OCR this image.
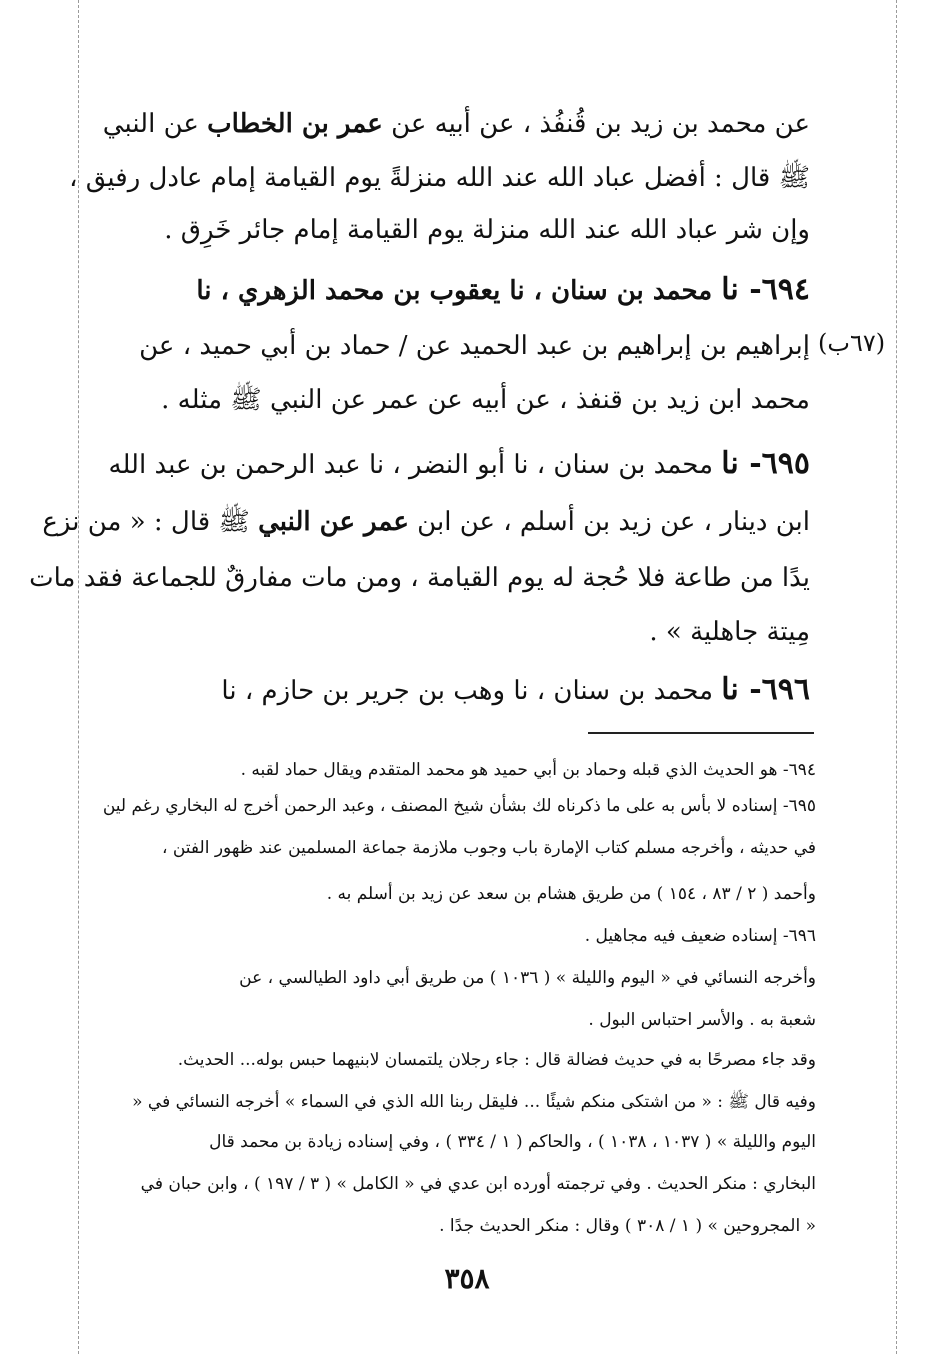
عن محمد بن زيد بن قُنفُذ ، عن أبيه عن عمر بن الخطاب عن النبي
ﷺ قال : أفضل عباد الله عند الله منزلةً يوم القيامة إمام عادل رفيق ،
وإن شر عباد الله عند الله منزلة يوم القيامة إمام جائر خَرِق .
٦٩٤- نا محمد بن سنان ، نا يعقوب بن محمد الزهري ، نا
إبراهيم بن إبراهيم بن عبد الحميد عن / حماد بن أبي حميد ، عن
محمد ابن زيد بن قنفذ ، عن أبيه عن عمر عن النبي ﷺ مثله .
٦٩٥- نا محمد بن سنان ، نا أبو النضر ، نا عبد الرحمن بن عبد الله
ابن دينار ، عن زيد بن أسلم ، عن ابن عمر عن النبي ﷺ قال : « من نزع
يدًا من طاعة فلا حُجة له يوم القيامة ، ومن مات مفارقٌ للجماعة فقد مات
مِيتة جاهلية » .
٦٩٦- نا محمد بن سنان ، نا وهب بن جرير بن حازم ، نا
(٦٧ب)
٦٩٤- هو الحديث الذي قبله وحماد بن أبي حميد هو محمد المتقدم ويقال حماد لقبه .
٦٩٥- إسناده لا بأس به على ما ذكرناه لك بشأن شيخ المصنف ، وعبد الرحمن أخرج له البخاري رغم لين
في حديثه ، وأخرجه مسلم كتاب الإمارة باب وجوب ملازمة جماعة المسلمين عند ظهور الفتن ،
وأحمد ( ٢ / ٨٣ ، ١٥٤ ) من طريق هشام بن سعد عن زيد بن أسلم به .
٦٩٦- إسناده ضعيف فيه مجاهيل .
وأخرجه النسائي في « اليوم والليلة » ( ١٠٣٦ ) من طريق أبي داود الطيالسي ، عن
شعبة به . والأسر احتباس البول .
وقد جاء مصرحًا به في حديث فضالة قال : جاء رجلان يلتمسان لابنيهما حبس بوله... الحديث.
وفيه قال ﷺ : « من اشتكى منكم شيئًا ... فليقل ربنا الله الذي في السماء » أخرجه النسائي في «
اليوم والليلة » ( ١٠٣٧ ، ١٠٣٨ ) ، والحاكم ( ١ / ٣٣٤ ) ، وفي إسناده زيادة بن محمد قال
البخاري : منكر الحديث . وفي ترجمته أورده ابن عدي في « الكامل » ( ٣ / ١٩٧ ) ، وابن حبان في
« المجروحين » ( ١ / ٣٠٨ ) وقال : منكر الحديث جدًا .
٣٥٨
